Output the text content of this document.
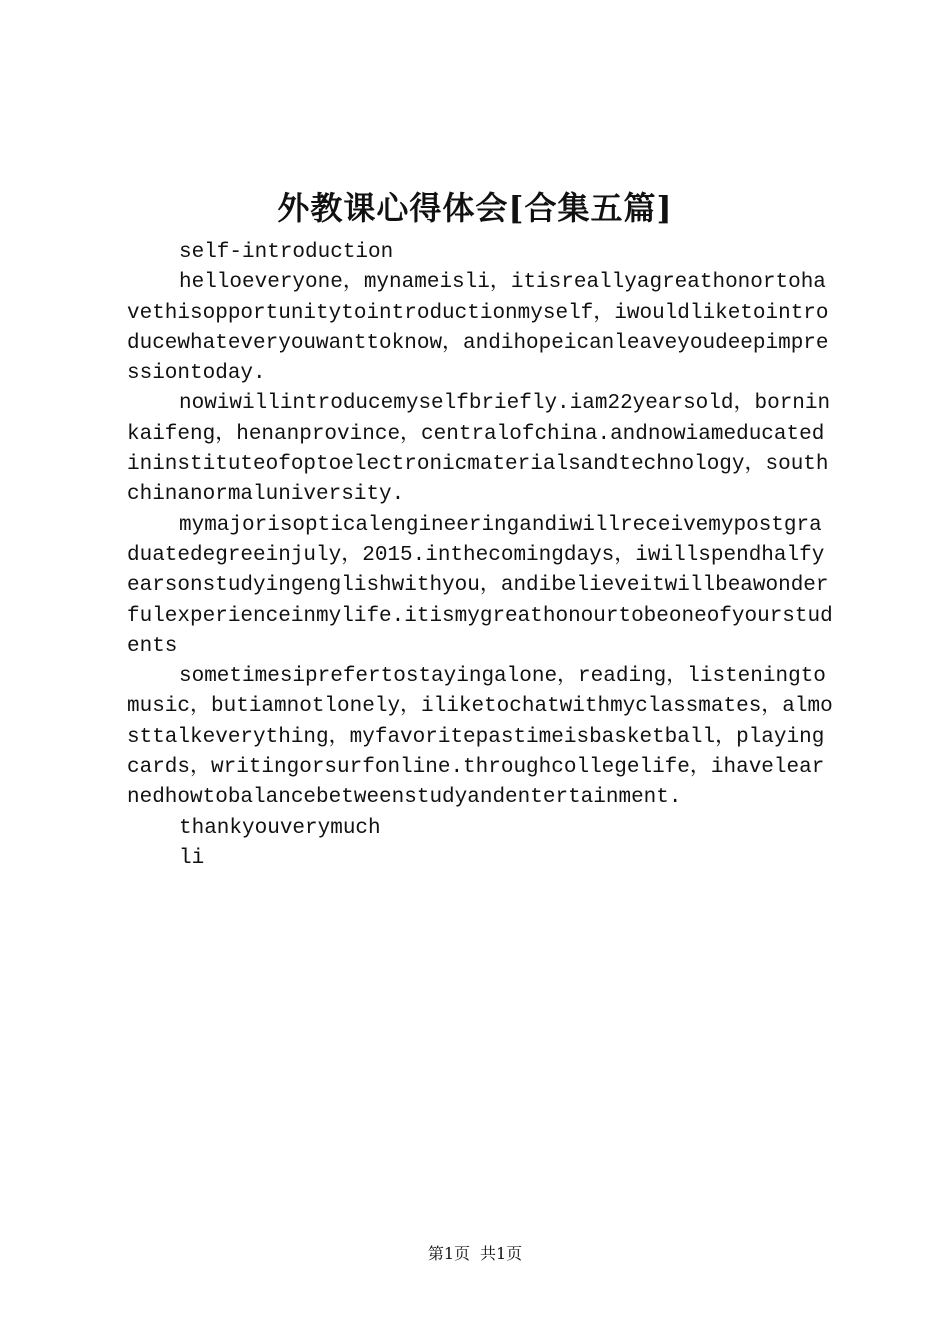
外教课心得体会[合集五篇]

self-introduction

helloeveryone，mynameisli，itisreallyagreathonortohavethisopportunitytointroductionmyself，iwouldliketointroducewhateveryouwanttoknow，andihopeicanleaveyoudeepimpressiontoday.

nowiwillintroducemyselfbriefly.iam22yearsold，borninkaifeng，henanprovince，centralofchina.andnowiameducatedininstituteofoptoelectronicmaterialsandtechnology，southchinanormaluniversity.

mymajorisopticalengineeringandiwillreceivemypostgraduatedegreeinjuly，2015.inthecomingdays，iwillspendhalfyearsonstudyingenglishwithyou，andibelieveitwillbeawonderfulexperienceinmylife.itismygreathonourtobeoneofyourstudents

sometimesiprefertostayingalone，reading，listeningtomusic，butiamnotlonely，iliketochatwithmyclassmates，almosttalkeverything，myfavoritepastimeisbasketball，playingcards，writingorsurfonline.throughcollegelife，ihavelearnedhowtobalancebetweenstudyandentertainment.

thankyouverymuch

li

第1页 共1页
